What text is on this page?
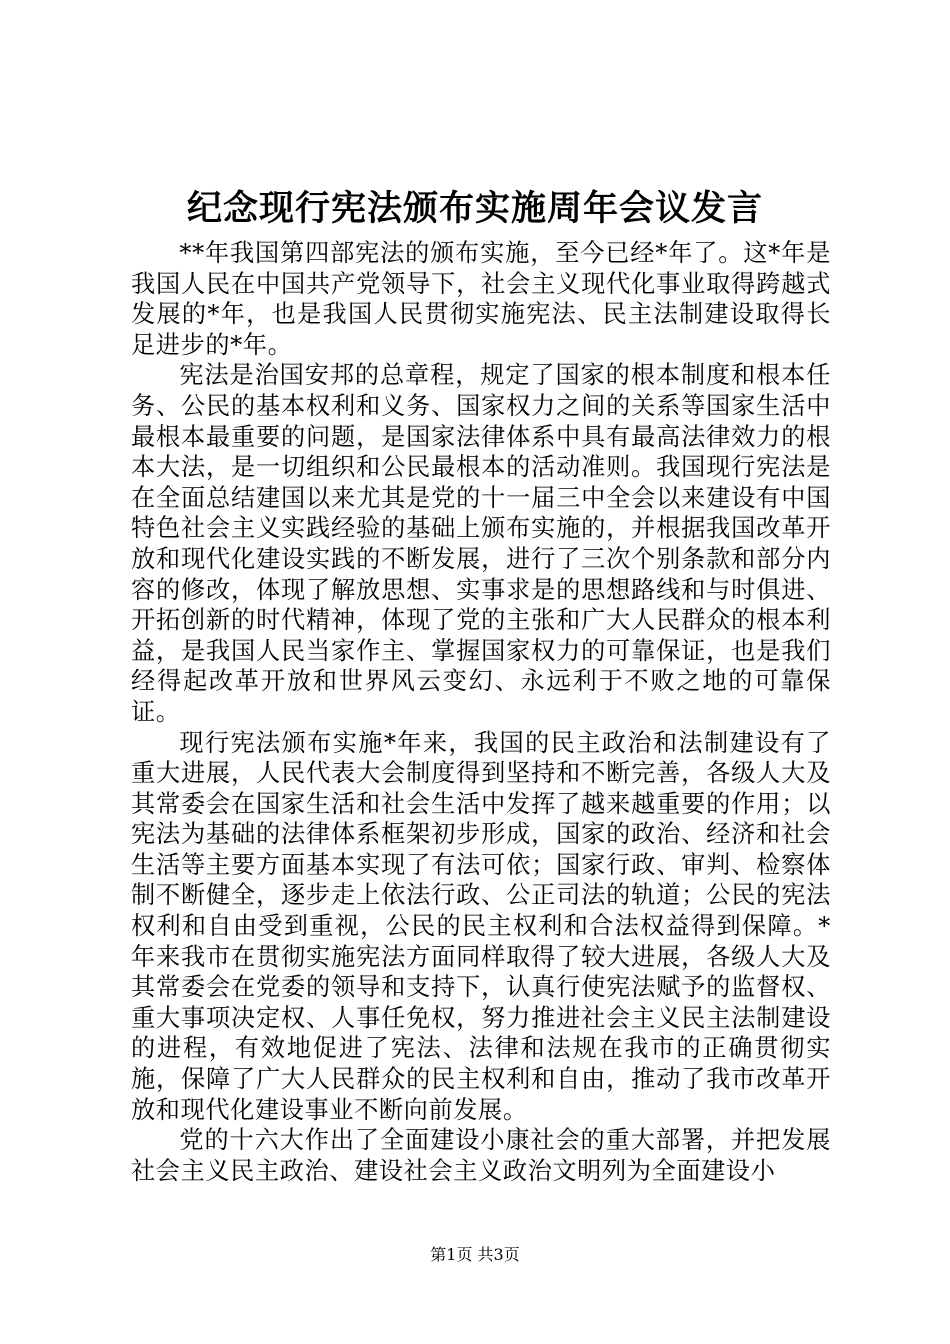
纪念现行宪法颁布实施周年会议发言

**年我国第四部宪法的颁布实施，至今已经*年了。这*年是我国人民在中国共产党领导下，社会主义现代化事业取得跨越式发展的*年，也是我国人民贯彻实施宪法、民主法制建设取得长足进步的*年。

宪法是治国安邦的总章程，规定了国家的根本制度和根本任务、公民的基本权利和义务、国家权力之间的关系等国家生活中最根本最重要的问题，是国家法律体系中具有最高法律效力的根本大法，是一切组织和公民最根本的活动准则。我国现行宪法是在全面总结建国以来尤其是党的十一届三中全会以来建设有中国特色社会主义实践经验的基础上颁布实施的，并根据我国改革开放和现代化建设实践的不断发展，进行了三次个别条款和部分内容的修改，体现了解放思想、实事求是的思想路线和与时俱进、开拓创新的时代精神，体现了党的主张和广大人民群众的根本利益，是我国人民当家作主、掌握国家权力的可靠保证，也是我们经得起改革开放和世界风云变幻、永远利于不败之地的可靠保证。

现行宪法颁布实施*年来，我国的民主政治和法制建设有了重大进展，人民代表大会制度得到坚持和不断完善，各级人大及其常委会在国家生活和社会生活中发挥了越来越重要的作用；以宪法为基础的法律体系框架初步形成，国家的政治、经济和社会生活等主要方面基本实现了有法可依；国家行政、审判、检察体制不断健全，逐步走上依法行政、公正司法的轨道；公民的宪法权利和自由受到重视，公民的民主权利和合法权益得到保障。*年来我市在贯彻实施宪法方面同样取得了较大进展，各级人大及其常委会在党委的领导和支持下，认真行使宪法赋予的监督权、重大事项决定权、人事任免权，努力推进社会主义民主法制建设的进程，有效地促进了宪法、法律和法规在我市的正确贯彻实施，保障了广大人民群众的民主权利和自由，推动了我市改革开放和现代化建设事业不断向前发展。

党的十六大作出了全面建设小康社会的重大部署，并把发展社会主义民主政治、建设社会主义政治文明列为全面建设小

第1页 共3页
